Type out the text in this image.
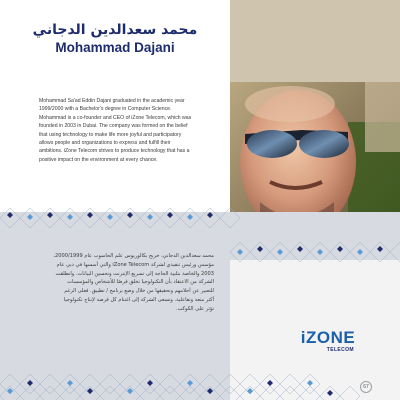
محمد سعدالدين الدجاني
Mohammad Dajani
Mohammad Sa'ad Eddin Dajani graduated in the academic year
1999/2000 with a Bachelor's degree in Computer Science.
Mohammad is a co-founder and CEO of iZone Telecom, which was
founded in 2003 in Dubai. The company was formed on the belief
that using technology to make life more joyful and participatory
allows people and organizations to express and fulfill their
ambitions. iZone Telecom strives to produce technology that has a
positive impact on the environment at every chance.
محمد سعدالدين الدجاني، خريج بكالوريوس علم الحاسوب عام 2000/1999،
مؤسس ورئيس تنفيذي لشركة iZone Telecom والتي أسسها في دبي عام
2003 والخاصة بتلبية الحاجة إلى تسريع الإنترنت وتحسين البيانات. وانطلقت
الشركة من الاعتقاد بأن التكنولوجيا تخلق فرصًا للأشخاص والمؤسسات
للتعبير عن أحلامهم وتحقيقها من خلال وضع برنامج / تطبيق. فعلى الرغم
أكثر متعة وتفاعلية. وتسعى الشركة إلى اغتنام كل فرصة لإنتاج تكنولوجيا
تؤثر على الكوكب.
iZONE
TELECOM
67
